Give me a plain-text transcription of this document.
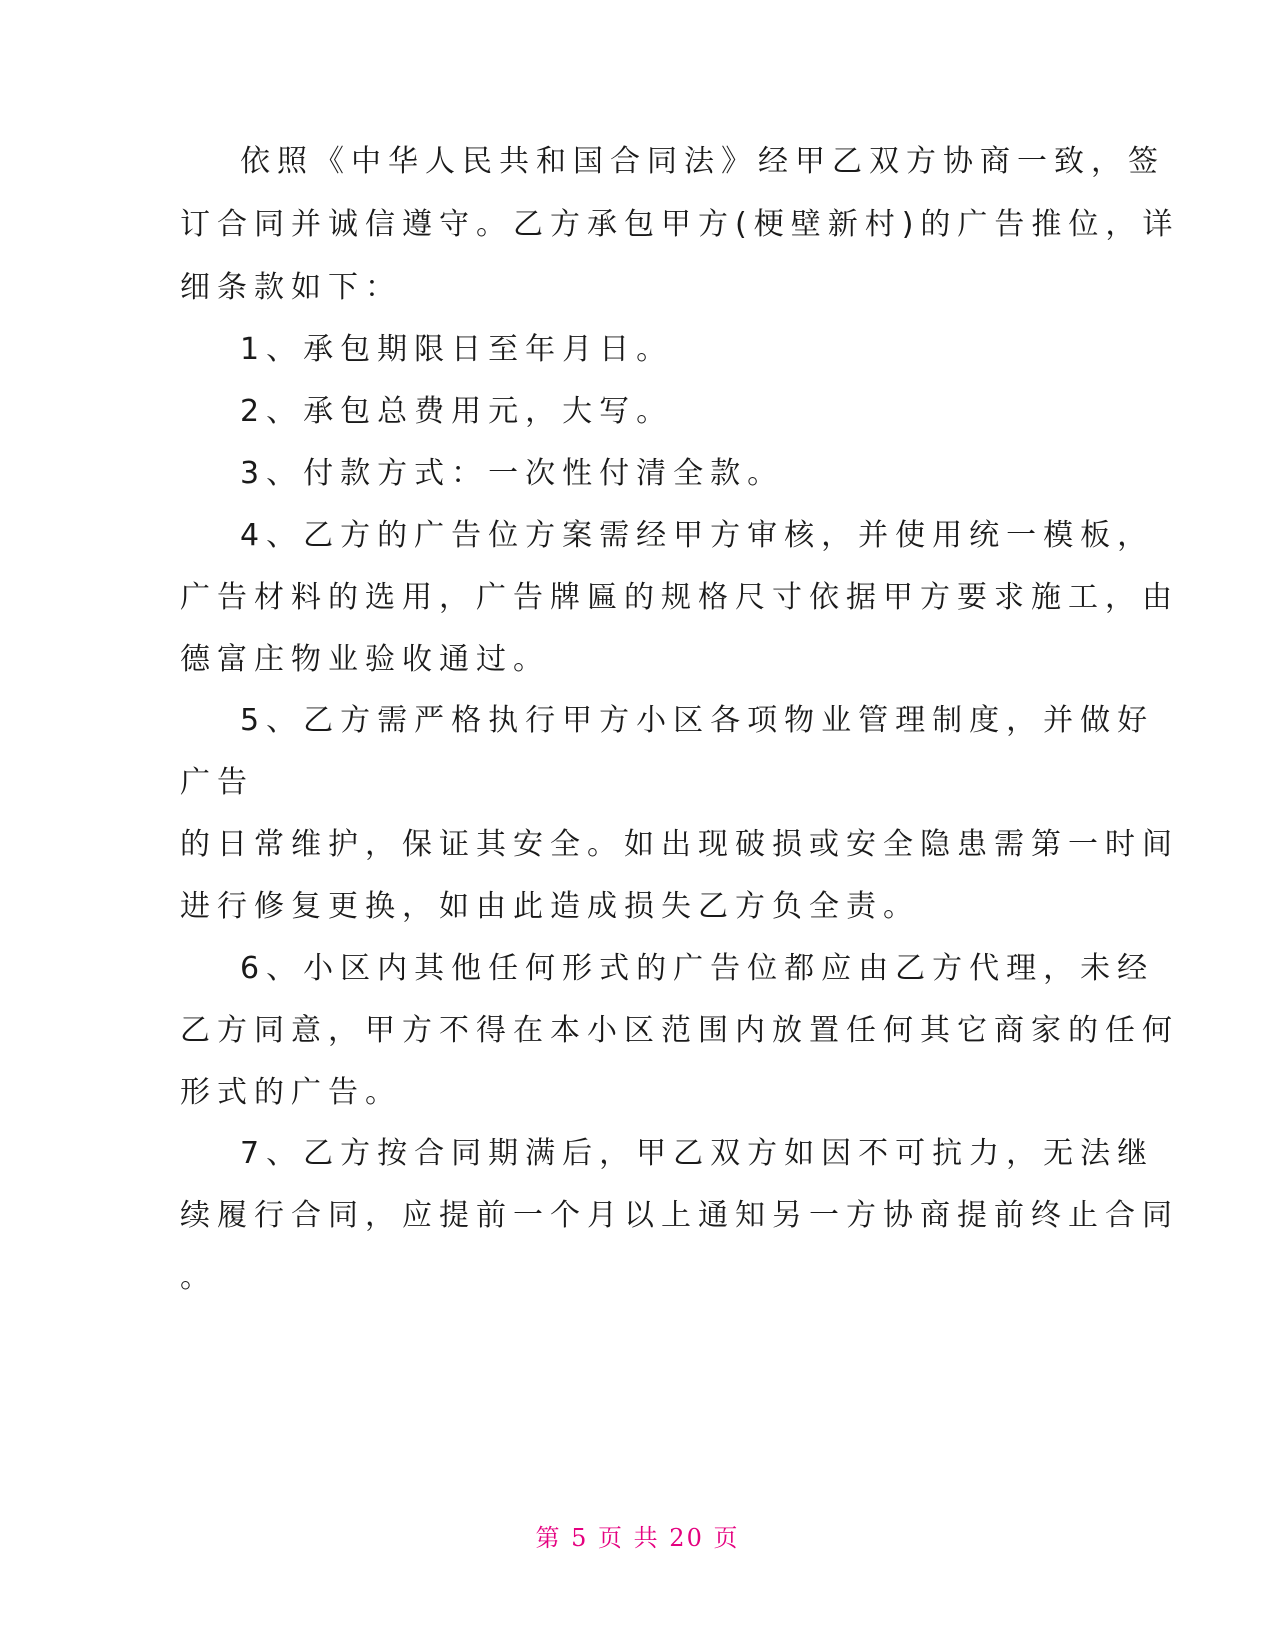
依照《中华人民共和国合同法》经甲乙双方协商一致，签
订合同并诚信遵守。乙方承包甲方(梗壁新村)的广告推位，详
细条款如下：
1、承包期限日至年月日。
2、承包总费用元，大写。
3、付款方式：一次性付清全款。
4、乙方的广告位方案需经甲方审核，并使用统一模板，
广告材料的选用，广告牌匾的规格尺寸依据甲方要求施工，由
德富庄物业验收通过。
5、乙方需严格执行甲方小区各项物业管理制度，并做好
广告
的日常维护，保证其安全。如出现破损或安全隐患需第一时间
进行修复更换，如由此造成损失乙方负全责。
6、小区内其他任何形式的广告位都应由乙方代理，未经
乙方同意，甲方不得在本小区范围内放置任何其它商家的任何
形式的广告。
7、乙方按合同期满后，甲乙双方如因不可抗力，无法继
续履行合同，应提前一个月以上通知另一方协商提前终止合同
。
第 5 页 共 20 页
